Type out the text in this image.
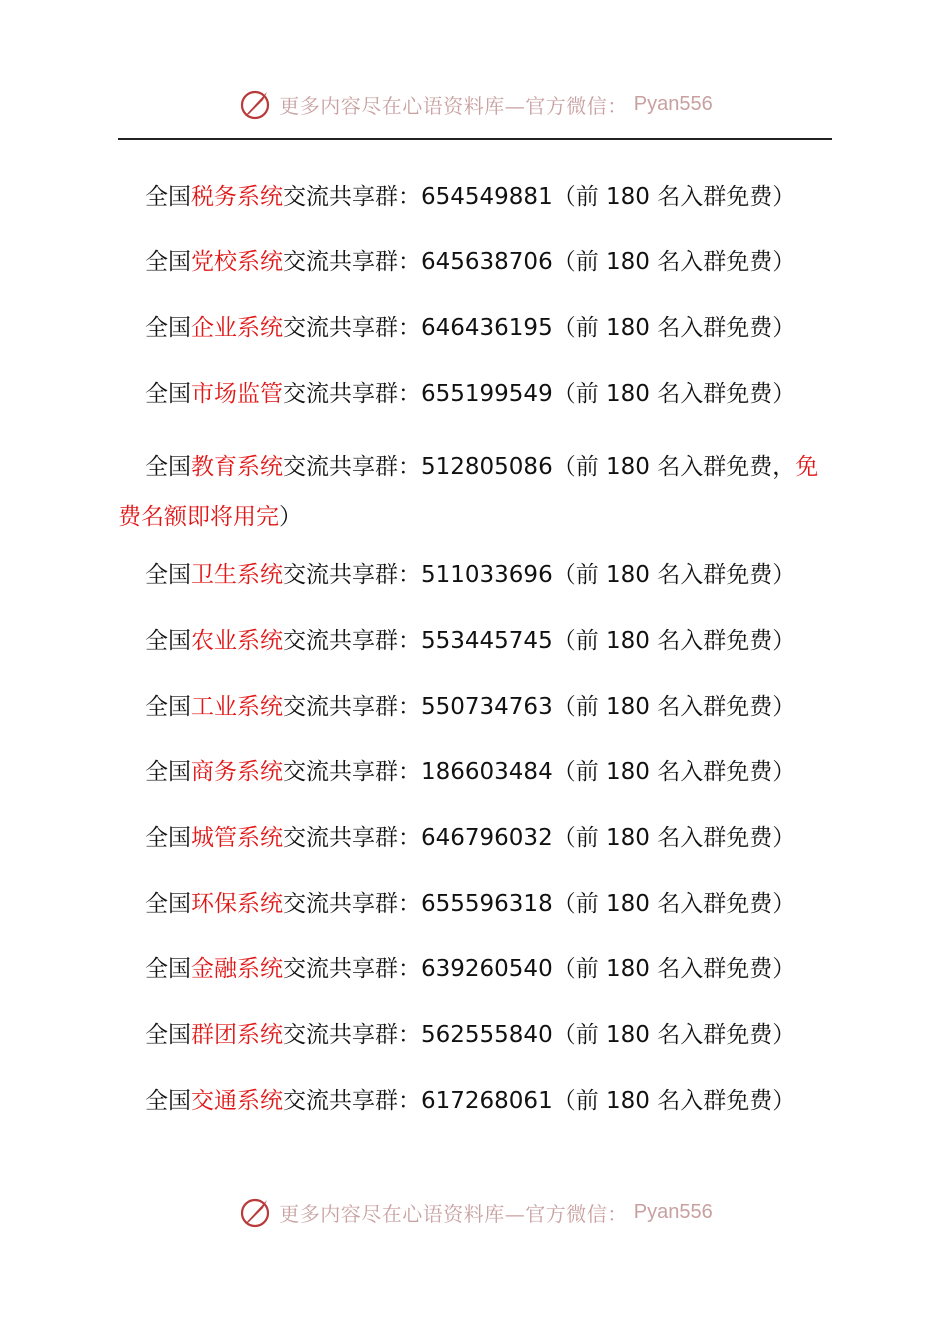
更多内容尽在心语资料库—官方微信： Pyan556
全国税务系统交流共享群：654549881（前 180 名入群免费）
全国党校系统交流共享群：645638706（前 180 名入群免费）
全国企业系统交流共享群：646436195（前 180 名入群免费）
全国市场监管交流共享群：655199549（前 180 名入群免费）
全国教育系统交流共享群：512805086（前 180 名入群免费，免费名额即将用完）
全国卫生系统交流共享群：511033696（前 180 名入群免费）
全国农业系统交流共享群：553445745（前 180 名入群免费）
全国工业系统交流共享群：550734763（前 180 名入群免费）
全国商务系统交流共享群：186603484（前 180 名入群免费）
全国城管系统交流共享群：646796032（前 180 名入群免费）
全国环保系统交流共享群：655596318（前 180 名入群免费）
全国金融系统交流共享群：639260540（前 180 名入群免费）
全国群团系统交流共享群：562555840（前 180 名入群免费）
全国交通系统交流共享群：617268061（前 180 名入群免费）
更多内容尽在心语资料库—官方微信： Pyan556
